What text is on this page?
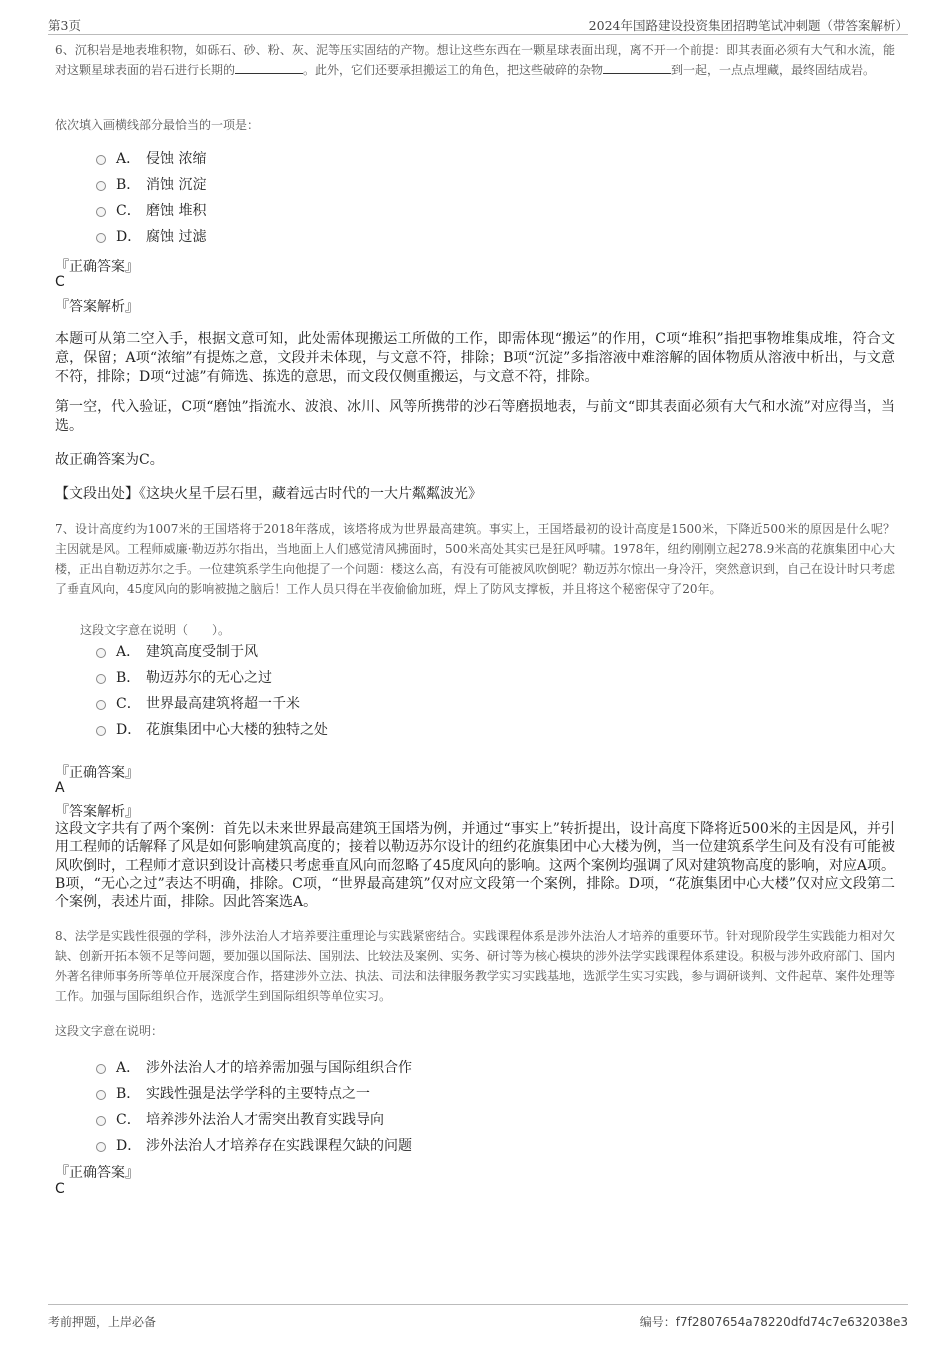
第3页	2024年国路建设投资集团招聘笔试冲刺题（带答案解析）
6、沉积岩是地表堆积物，如砾石、砂、粉、灰、泥等压实固结的产物。想让这些东西在一颗星球表面出现，离不开一个前提：即其表面必须有大气和水流，能对这颗星球表面的岩石进行长期的	。此外，它们还要承担搬运工的角色，把这些破碎的杂物	到一起，一点点埋藏，最终固结成岩。
依次填入画横线部分最恰当的一项是：
A． 侵蚀 浓缩
B． 消蚀 沉淀
C． 磨蚀 堆积
D． 腐蚀 过滤
『正确答案』
C
『答案解析』
本题可从第二空入手，根据文意可知，此处需体现搬运工所做的工作，即需体现“搬运”的作用，C项“堆积”指把事物堆集成堆，符合文意，保留；A项“浓缩”有提炼之意，文段并未体现，与文意不符，排除；B项“沉淀”多指溶液中难溶解的固体物质从溶液中析出，与文意不符，排除；D项“过滤”有筛选、拣选的意思，而文段仅侧重搬运，与文意不符，排除。
第一空，代入验证，C项“磨蚀”指流水、波浪、冰川、风等所携带的沙石等磨损地表，与前文“即其表面必须有大气和水流”对应得当，当选。
故正确答案为C。
【文段出处】《这块火星千层石里，藏着远古时代的一大片粼粼波光》
7、设计高度约为1007米的王国塔将于2018年落成，该塔将成为世界最高建筑。事实上，王国塔最初的设计高度是1500米，下降近500米的原因是什么呢？主因就是风。工程师威廉·勒迈苏尔指出，当地面上人们感觉清风拂面时，500米高处其实已是狂风呼啸。1978年，纽约刚刚立起278.9米高的花旗集团中心大楼，正出自勒迈苏尔之手。一位建筑系学生向他提了一个问题：楼这么高，有没有可能被风吹倒呢？勒迈苏尔惊出一身冷汗，突然意识到，自己在设计时只考虑了垂直风向，45度风向的影响被抛之脑后！工作人员只得在半夜偷偷加班，焊上了防风支撑板，并且将这个秘密保守了20年。
这段文字意在说明（　　）。
A． 建筑高度受制于风
B． 勒迈苏尔的无心之过
C． 世界最高建筑将超一千米
D． 花旗集团中心大楼的独特之处
『正确答案』
A
『答案解析』
这段文字共有了两个案例：首先以未来世界最高建筑王国塔为例，并通过“事实上”转折提出，设计高度下降将近500米的主因是风，并引用工程师的话解释了风是如何影响建筑高度的；接着以勒迈苏尔设计的纽约花旗集团中心大楼为例，当一位建筑系学生问及有没有可能被风吹倒时，工程师才意识到设计高楼只考虑垂直风向而忽略了45度风向的影响。这两个案例均强调了风对建筑物高度的影响，对应A项。B项，“无心之过”表达不明确，排除。C项，“世界最高建筑”仅对应文段第一个案例，排除。D项，“花旗集团中心大楼”仅对应文段第二个案例，表述片面，排除。因此答案选A。
8、法学是实践性很强的学科，涉外法治人才培养要注重理论与实践紧密结合。实践课程体系是涉外法治人才培养的重要环节。针对现阶段学生实践能力相对欠缺、创新开拓本领不足等问题，要加强以国际法、国别法、比较法及案例、实务、研讨等为核心模块的涉外法学实践课程体系建设。积极与涉外政府部门、国内外著名律师事务所等单位开展深度合作，搭建涉外立法、执法、司法和法律服务教学实习实践基地，选派学生实习实践，参与调研谈判、文件起草、案件处理等工作。加强与国际组织合作，选派学生到国际组织等单位实习。
这段文字意在说明：
A． 涉外法治人才的培养需加强与国际组织合作
B． 实践性强是法学学科的主要特点之一
C． 培养涉外法治人才需突出教育实践导向
D． 涉外法治人才培养存在实践课程欠缺的问题
『正确答案』
C
考前押题，上岸必备	编号：f7f2807654a78220dfd74c7e632038e3
